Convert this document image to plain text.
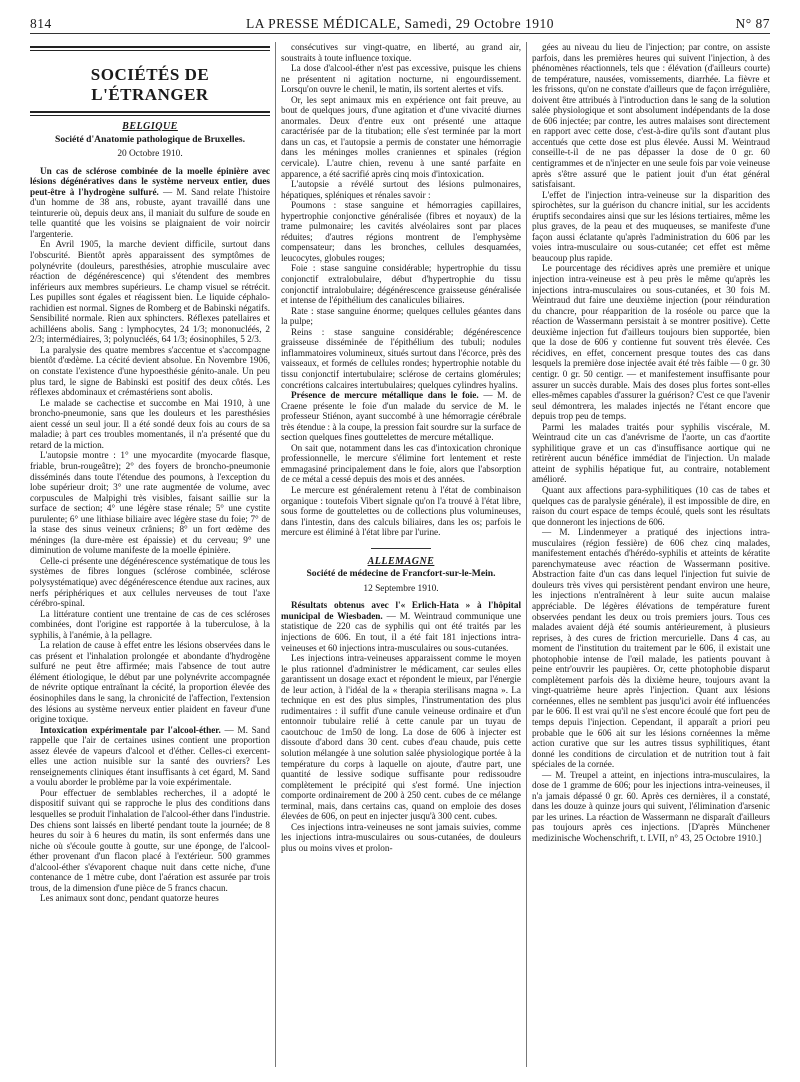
814	LA PRESSE MÉDICALE, Samedi, 29 Octobre 1910	N° 87
SOCIÉTÉS DE L'ÉTRANGER
BELGIQUE
Société d'Anatomie pathologique de Bruxelles.
20 Octobre 1910.

Un cas de sclérose combinée de la moelle épinière avec lésions dégénératives dans le système nerveux entier, dues peut-être à l'hydrogène sulfuré. — M. Sand relate l'histoire d'un homme de 38 ans, robuste, ayant travaillé dans une teinturerie où, depuis deux ans, il maniait du sulfure de soude en telle quantité que les voisins se plaignaient de voir noircir l'argenterie.

En Avril 1905, la marche devient difficile, surtout dans l'obscurité. Bientôt après apparaissent des symptômes de polynévrite (douleurs, paresthésies, atrophie musculaire avec réaction de dégénérescence) qui s'étendent des membres inférieurs aux membres supérieurs. Le champ visuel se rétrécit. Les pupilles sont égales et réagissent bien. Le liquide céphalo-rachidien est normal. Signes de Romberg et de Babinski négatifs. Sensibilité normale. Rien aux sphincters. Réflexes patellaires et achilléens abolis. Sang : lymphocytes, 24 1/3; mononucléés, 2 2/3; intermédiaires, 3; polynucléés, 64 1/3; éosinophiles, 5 2/3.

La paralysie des quatre membres s'accentue et s'accompagne bientôt d'œdème. La cécité devient absolue. En Novembre 1906, on constate l'existence d'une hypoesthésie génito-anale. Un peu plus tard, le signe de Babinski est positif des deux côtés. Les réflexes abdominaux et crémastériens sont abolis.

Le malade se cachectise et succombe en Mai 1910, à une broncho-pneumonie, sans que les douleurs et les paresthésies aient cessé un seul jour. Il a été sondé deux fois au cours de sa maladie; à part ces troubles momentanés, il n'a présenté que du retard de la miction.

L'autopsie montre : 1° une myocardite (myocarde flasque, friable, brun-rougeâtre); 2° des foyers de broncho-pneumonie disséminés dans toute l'étendue des poumons, à l'exception du lobe supérieur droit; 3° une rate augmentée de volume, avec corpuscules de Malpighi très visibles, faisant saillie sur la surface de section; 4° une légère stase rénale; 5° une cystite purulente; 6° une lithiase biliaire avec légère stase du foie; 7° de la stase des sinus veineux crâniens; 8° un fort œdème des méninges (la dure-mère est épaissie) et du cerveau; 9° une diminution de volume manifeste de la moelle épinière.

Celle-ci présente une dégénérescence systématique de tous les systèmes de fibres longues (sclérose combinée, sclérose polysystématique) avec dégénérescence étendue aux racines, aux nerfs périphériques et aux cellules nerveuses de tout l'axe cérébro-spinal.

La littérature contient une trentaine de cas de ces scléroses combinées, dont l'origine est rapportée à la tuberculose, à la syphilis, à l'anémie, à la pellagre.

La relation de cause à effet entre les lésions observées dans le cas présent et l'inhalation prolongée et abondante d'hydrogène sulfuré ne peut être affirmée; mais l'absence de tout autre élément étiologique, le début par une polynévrite accompagnée de névrite optique entraînant la cécité, la proportion élevée des éosinophiles dans le sang, la chronicité de l'affection, l'extension des lésions au système nerveux entier plaident en faveur d'une origine toxique.

Intoxication expérimentale par l'alcool-éther. — M. Sand rappelle que l'air de certaines usines contient une proportion assez élevée de vapeurs d'alcool et d'éther. Celles-ci exercent-elles une action nuisible sur la santé des ouvriers? Les renseignements cliniques étant insuffisants à cet égard, M. Sand a voulu aborder le problème par la voie expérimentale.

Pour effectuer de semblables recherches, il a adopté le dispositif suivant qui se rapproche le plus des conditions dans lesquelles se produit l'inhalation de l'alcool-éther dans l'industrie. Des chiens sont laissés en liberté pendant toute la journée; de 8 heures du soir à 6 heures du matin, ils sont enfermés dans une niche où s'écoule goutte à goutte, sur une éponge, de l'alcool-éther provenant d'un flacon placé à l'extérieur. 500 grammes d'alcool-éther s'évaporent chaque nuit dans cette niche, d'une contenance de 1 mètre cube, dont l'aération est assurée par trois trous, de la dimension d'une pièce de 5 francs chacun.

Les animaux sont donc, pendant quatorze heures

consécutives sur vingt-quatre, en liberté, au grand air, soustraits à toute influence toxique.

La dose d'alcool-éther n'est pas excessive, puisque les chiens ne présentent ni agitation nocturne, ni engourdissement. Lorsqu'on ouvre le chenil, le matin, ils sortent alertes et vifs.

Or, les sept animaux mis en expérience ont fait preuve, au bout de quelques jours, d'une agitation et d'une vivacité diurnes anormales. Deux d'entre eux ont présenté une attaque caractérisée par de la titubation; elle s'est terminée par la mort dans un cas, et l'autopsie a permis de constater une hémorragie dans les méninges molles craniennes et spinales (région cervicale). L'autre chien, revenu à une santé parfaite en apparence, a été sacrifié après cinq mois d'intoxication.

L'autopsie a révélé surtout des lésions pulmonaires, hépatiques, spléniques et rénales savoir :

Poumons : stase sanguine et hémorragies capillaires, hypertrophie conjonctive généralisée (fibres et noyaux) de la trame pulmonaire; les cavités alvéolaires sont par places réduites; d'autres régions montrent de l'emphysème compensateur; dans les bronches, cellules desquamées, leucocytes, globules rouges;

Foie : stase sanguine considérable; hypertrophie du tissu conjonctif extralobulaire, début d'hypertrophie du tissu conjonctif intralobulaire; dégénérescence graisseuse généralisée et intense de l'épithélium des canalicules biliaires.

Rate : stase sanguine énorme; quelques cellules géantes dans la pulpe;

Reins : stase sanguine considérable; dégénérescence graisseuse disséminée de l'épithélium des tubuli; nodules inflammatoires volumineux, situés surtout dans l'écorce, près des vaisseaux, et formés de cellules rondes; hypertrophie notable du tissu conjonctif intertubulaire; sclérose de certains glomérules; concrétions calcaires intertubulaires; quelques cylindres hyalins.

Présence de mercure métallique dans le foie. — M. de Craene présente le foie d'un malade du service de M. le professeur Stiénon, ayant succombé à une hémorragie cérébrale très étendue : à la coupe, la pression fait sourdre sur la surface de section quelques fines gouttelettes de mercure métallique.

On sait que, notamment dans les cas d'intoxication chronique professionnelle, le mercure s'élimine fort lentement et reste emmagasiné principalement dans le foie, alors que l'absorption de ce métal a cessé depuis des mois et des années.

Le mercure est généralement retenu à l'état de combinaison organique : toutefois Vibert signale qu'on l'a trouvé à l'état libre, sous forme de gouttelettes ou de collections plus volumineuses, dans l'intestin, dans des calculs biliaires, dans les os; parfois le mercure est éliminé à l'état libre par l'urine.

ALLEMAGNE
Société de médecine de Francfort-sur-le-Mein.
12 Septembre 1910.

Résultats obtenus avec l'« Erlich-Hata » à l'hôpital municipal de Wiesbaden. — M. Weintraud communique une statistique de 220 cas de syphilis qui ont été traités par les injections de 606. En tout, il a été fait 181 injections intra-veineuses et 60 injections intra-musculaires ou sous-cutanées.

Les injections intra-veineuses apparaissent comme le moyen le plus rationnel d'administrer le médicament, car seules elles garantissent un dosage exact et répondent le mieux, par l'énergie de leur action, à l'idéal de la « therapia sterilisans magna ». La technique en est des plus simples, l'instrumentation des plus rudimentaires : il suffit d'une canule veineuse ordinaire et d'un entonnoir tubulaire relié à cette canule par un tuyau de caoutchouc de 1m50 de long. La dose de 606 à injecter est dissoute d'abord dans 30 cent. cubes d'eau chaude, puis cette solution mélangée à une solution salée physiologique portée à la température du corps à laquelle on ajoute, d'autre part, une quantité de lessive sodique suffisante pour redissoudre complètement le précipité qui s'est formé. Une injection comporte ordinairement de 200 à 250 cent. cubes de ce mélange terminal, mais, dans certains cas, quand on emploie des doses élevées de 606, on peut en injecter jusqu'à 300 cent. cubes.

Ces injections intra-veineuses ne sont jamais suivies, comme les injections intra-musculaires ou sous-cutanées, de douleurs plus ou moins vives et prolon-

gées au niveau du lieu de l'injection; par contre, on assiste parfois, dans les premières heures qui suivent l'injection, à des phénomènes réactionnels, tels que : élévation (d'ailleurs courte) de température, nausées, vomissements, diarrhée. La fièvre et les frissons, qu'on ne constate d'ailleurs que de façon irrégulière, doivent être attribués à l'introduction dans le sang de la solution salée physiologique et sont absolument indépendants de la dose de 606 injectée; par contre, les autres malaises sont directement en rapport avec cette dose, c'est-à-dire qu'ils sont d'autant plus accentués que cette dose est plus élevée. Aussi M. Weintraud conseille-t-il de ne pas dépasser la dose de 0 gr. 60 centigrammes et de n'injecter en une seule fois par voie veineuse après s'être assuré que le patient jouit d'un état général satisfaisant.

L'effet de l'injection intra-veineuse sur la disparition des spirochètes, sur la guérison du chancre initial, sur les accidents éruptifs secondaires ainsi que sur les lésions tertiaires, même les plus graves, de la peau et des muqueuses, se manifeste d'une façon aussi éclatante qu'après l'administration du 606 par les voies intra-musculaire ou sous-cutanée; cet effet est même beaucoup plus rapide.

Le pourcentage des récidives après une première et unique injection intra-veineuse est à peu près le même qu'après les injections intra-musculaires ou sous-cutanées, et 30 fois M. Weintraud dut faire une deuxième injection (pour réinduration du chancre, pour réapparition de la roséole ou parce que la réaction de Wassermann persistait à se montrer positive). Cette deuxième injection fut d'ailleurs toujours bien supportée, bien que la dose de 606 y contienne fut souvent très élevée. Ces récidives, en effet, concernent presque toutes des cas dans lesquels la première dose injectée avait été très faible — 0 gr. 30 centigr. 0 gr. 50 centigr. — et manifestement insuffisante pour assurer un succès durable. Mais des doses plus fortes sont-elles elles-mêmes capables d'assurer la guérison? C'est ce que l'avenir seul démontrera, les malades injectés ne l'étant encore que depuis trop peu de temps.

Parmi les malades traités pour syphilis viscérale, M. Weintraud cite un cas d'anévrisme de l'aorte, un cas d'aortite syphilitique grave et un cas d'insuffisance aortique qui ne retirèrent aucun bénéfice immédiat de l'injection. Un malade atteint de syphilis hépatique fut, au contraire, notablement amélioré.

Quant aux affections para-syphilitiques (10 cas de tabes et quelques cas de paralysie générale), il est impossible de dire, en raison du court espace de temps écoulé, quels sont les résultats que donneront les injections de 606.

— M. Lindenmeyer a pratiqué des injections intra-musculaires (région fessière) de 606 chez cinq malades, manifestement entachés d'hérédo-syphilis et atteints de kératite parenchymateuse avec réaction de Wassermann positive. Abstraction faite d'un cas dans lequel l'injection fut suivie de douleurs très vives qui persistèrent pendant environ une heure, les injections n'entraînèrent à leur suite aucun malaise appréciable. De légères élévations de température furent observées pendant les deux ou trois premiers jours. Tous ces malades avaient déjà été soumis antérieurement, à plusieurs reprises, à des cures de friction mercurielle. Dans 4 cas, au moment de l'institution du traitement par le 606, il existait une photophobie intense de l'œil malade, les patients pouvant à peine entr'ouvrir les paupières. Or, cette photophobie disparut complètement parfois dès la dixième heure, toujours avant la vingt-quatrième heure après l'injection. Quant aux lésions cornéennes, elles ne semblent pas jusqu'ici avoir été influencées par le 606. Il est vrai qu'il ne s'est encore écoulé que fort peu de temps depuis l'injection. Cependant, il apparaît a priori peu probable que le 606 ait sur les lésions cornéennes la même action curative que sur les autres tissus syphilitiques, étant donné les conditions de circulation et de nutrition tout à fait spéciales de la cornée.

— M. Treupel a atteint, en injections intra-musculaires, la dose de 1 gramme de 606; pour les injections intra-veineuses, il n'a jamais dépassé 0 gr. 60. Après ces dernières, il a constaté, dans les douze à quinze jours qui suivent, l'élimination d'arsenic par les urines. La réaction de Wassermann ne disparaît d'ailleurs pas toujours après ces injections. [D'après Münchener medizinische Wochenschrift, t. LVII, n° 43, 25 Octobre 1910.]
